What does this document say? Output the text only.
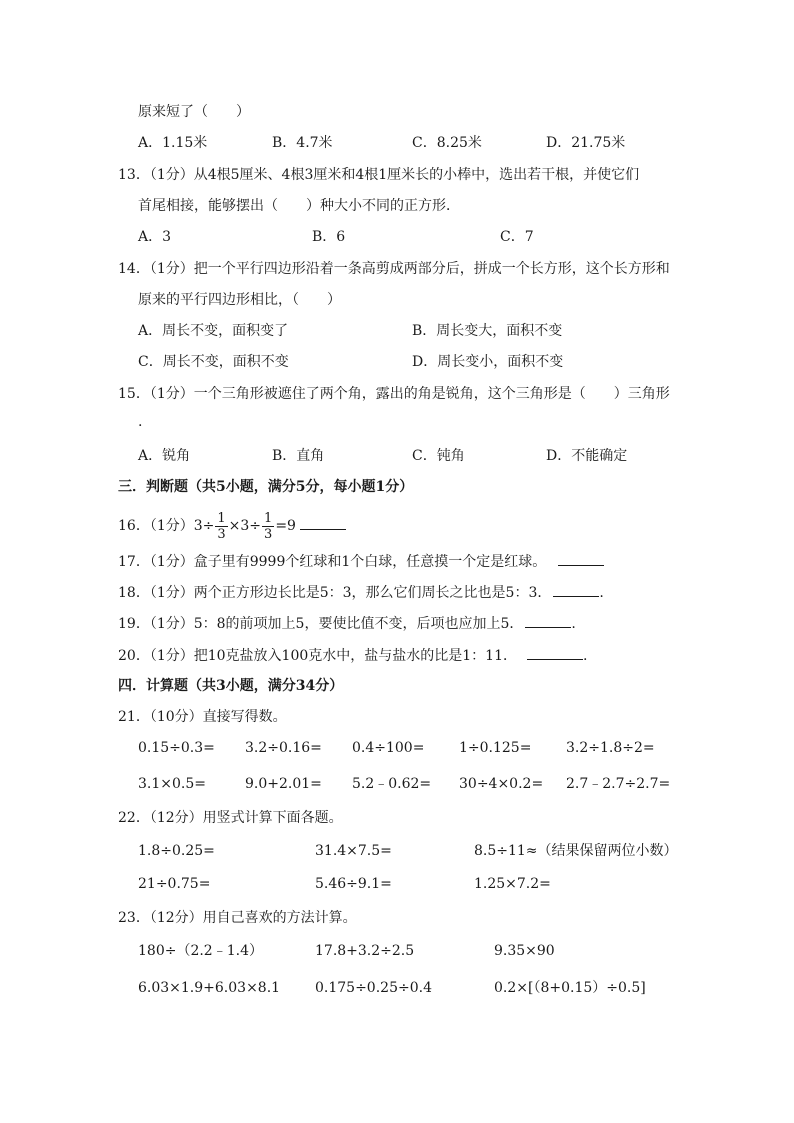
原来短了（　　）
A．1.15米	B．4.7米	C．8.25米	D．21.75米
13．（1分）从4根5厘米、4根3厘米和4根1厘米长的小棒中，选出若干根，并使它们
首尾相接，能够摆出（　　）种大小不同的正方形．
A．3	B．6	C．7
14．（1分）把一个平行四边形沿着一条高剪成两部分后，拼成一个长方形，这个长方形和
原来的平行四边形相比，（　　）
A．周长不变，面积变了	B．周长变大，面积不变
C．周长不变，面积不变	D．周长变小，面积不变
15．（1分）一个三角形被遮住了两个角，露出的角是锐角，这个三角形是（　　）三角形
.
A．锐角	B．直角	C．钝角	D．不能确定
三．判断题（共5小题，满分5分，每小题1分）
16．（1分）$3\div \frac{1}{3} \times 3\div \frac{1}{3} =9$
17．（1分）盒子里有9999个红球和1个白球，任意摸一个定是红球。
18．（1分）两个正方形边长比是5：3，那么它们周长之比也是5：3．	.
19．（1分）5：8的前项加上5，要使比值不变，后项也应加上5．	.
20．（1分）把10克盐放入100克水中，盐与盐水的比是1：11．	.
四．计算题（共3小题，满分34分）
21．（10分）直接写得数。
0.15÷0.3= 3.2÷0.16= 0.4÷100= 1÷0.125= 3.2÷1.8÷2=
3.1×0.5=	9.0+2.01= 5.2﹣0.62= 30÷4×0.2= 2.7﹣2.7÷2.7=
22．（12分）用竖式计算下面各题。
1.8÷0.25=	31.4×7.5=	8.5÷11≈（结果保留两位小数）
21÷0.75=	5.46÷9.1=	1.25×7.2=
23．（12分）用自己喜欢的方法计算。
180÷（2.2﹣1.4）	17.8+3.2÷2.5	9.35×90
6.03×1.9+6.03×8.1 0.175÷0.25÷0.4	0.2×[（8+0.15）÷0.5]
